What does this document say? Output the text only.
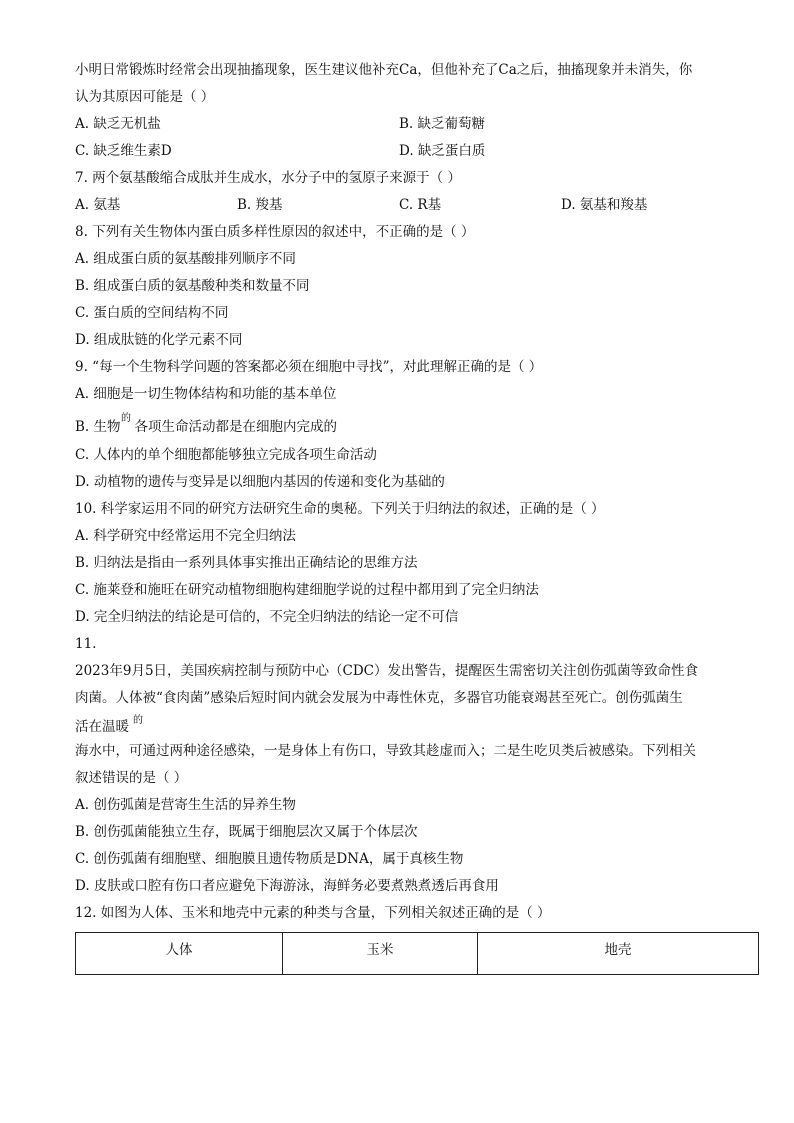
小明日常锻炼时经常会出现抽搐现象，医生建议他补充Ca，但他补充了Ca之后，抽搐现象并未消失，你
认为其原因可能是（ ）
A. 缺乏无机盐	B. 缺乏葡萄糖
C. 缺乏维生素D	D. 缺乏蛋白质
7. 两个氨基酸缩合成肽并生成水，水分子中的氢原子来源于（ ）
A. 氨基	B. 羧基	C. R基	D. 氨基和羧基
8. 下列有关生物体内蛋白质多样性原因的叙述中，不正确的是（ ）
A. 组成蛋白质的氨基酸排列顺序不同
B. 组成蛋白质的氨基酸种类和数量不同
C. 蛋白质的空间结构不同
D. 组成肽链的化学元素不同
9. “每一个生物科学问题的答案都必须在细胞中寻找”，对此理解正确的是（ ）
A. 细胞是一切生物体结构和功能的基本单位
B. 生物 各项生命活动都是在细胞内完成的
的
C. 人体内的单个细胞都能够独立完成各项生命活动
D. 动植物的遗传与变异是以细胞内基因的传递和变化为基础的
10. 科学家运用不同的研究方法研究生命的奥秘。下列关于归纳法的叙述，正确的是（ ）
A. 科学研究中经常运用不完全归纳法
B. 归纳法是指由一系列具体事实推出正确结论的思维方法
C. 施莱登和施旺在研究动植物细胞构建细胞学说的过程中都用到了完全归纳法
D. 完全归纳法的结论是可信的，不完全归纳法的结论一定不可信
11.
2023年9月5日，美国疾病控制与预防中心（CDC）发出警告，提醒医生需密切关注创伤弧菌等致命性食
肉菌。人体被“食肉菌”感染后短时间内就会发展为中毒性休克，多器官功能衰竭甚至死亡。创伤弧菌生
活在温暖 的
海水中，可通过两种途径感染，一是身体上有伤口，导致其趁虚而入；二是生吃贝类后被感染。下列相关
叙述错误的是（ ）
A. 创伤弧菌是营寄生生活的异养生物
B. 创伤弧菌能独立生存，既属于细胞层次又属于个体层次
C. 创伤弧菌有细胞壁、细胞膜且遗传物质是DNA，属于真核生物
D. 皮肤或口腔有伤口者应避免下海游泳，海鲜务必要煮熟煮透后再食用
12. 如图为人体、玉米和地壳中元素的种类与含量，下列相关叙述正确的是（ ）
人体	玉米	地壳
